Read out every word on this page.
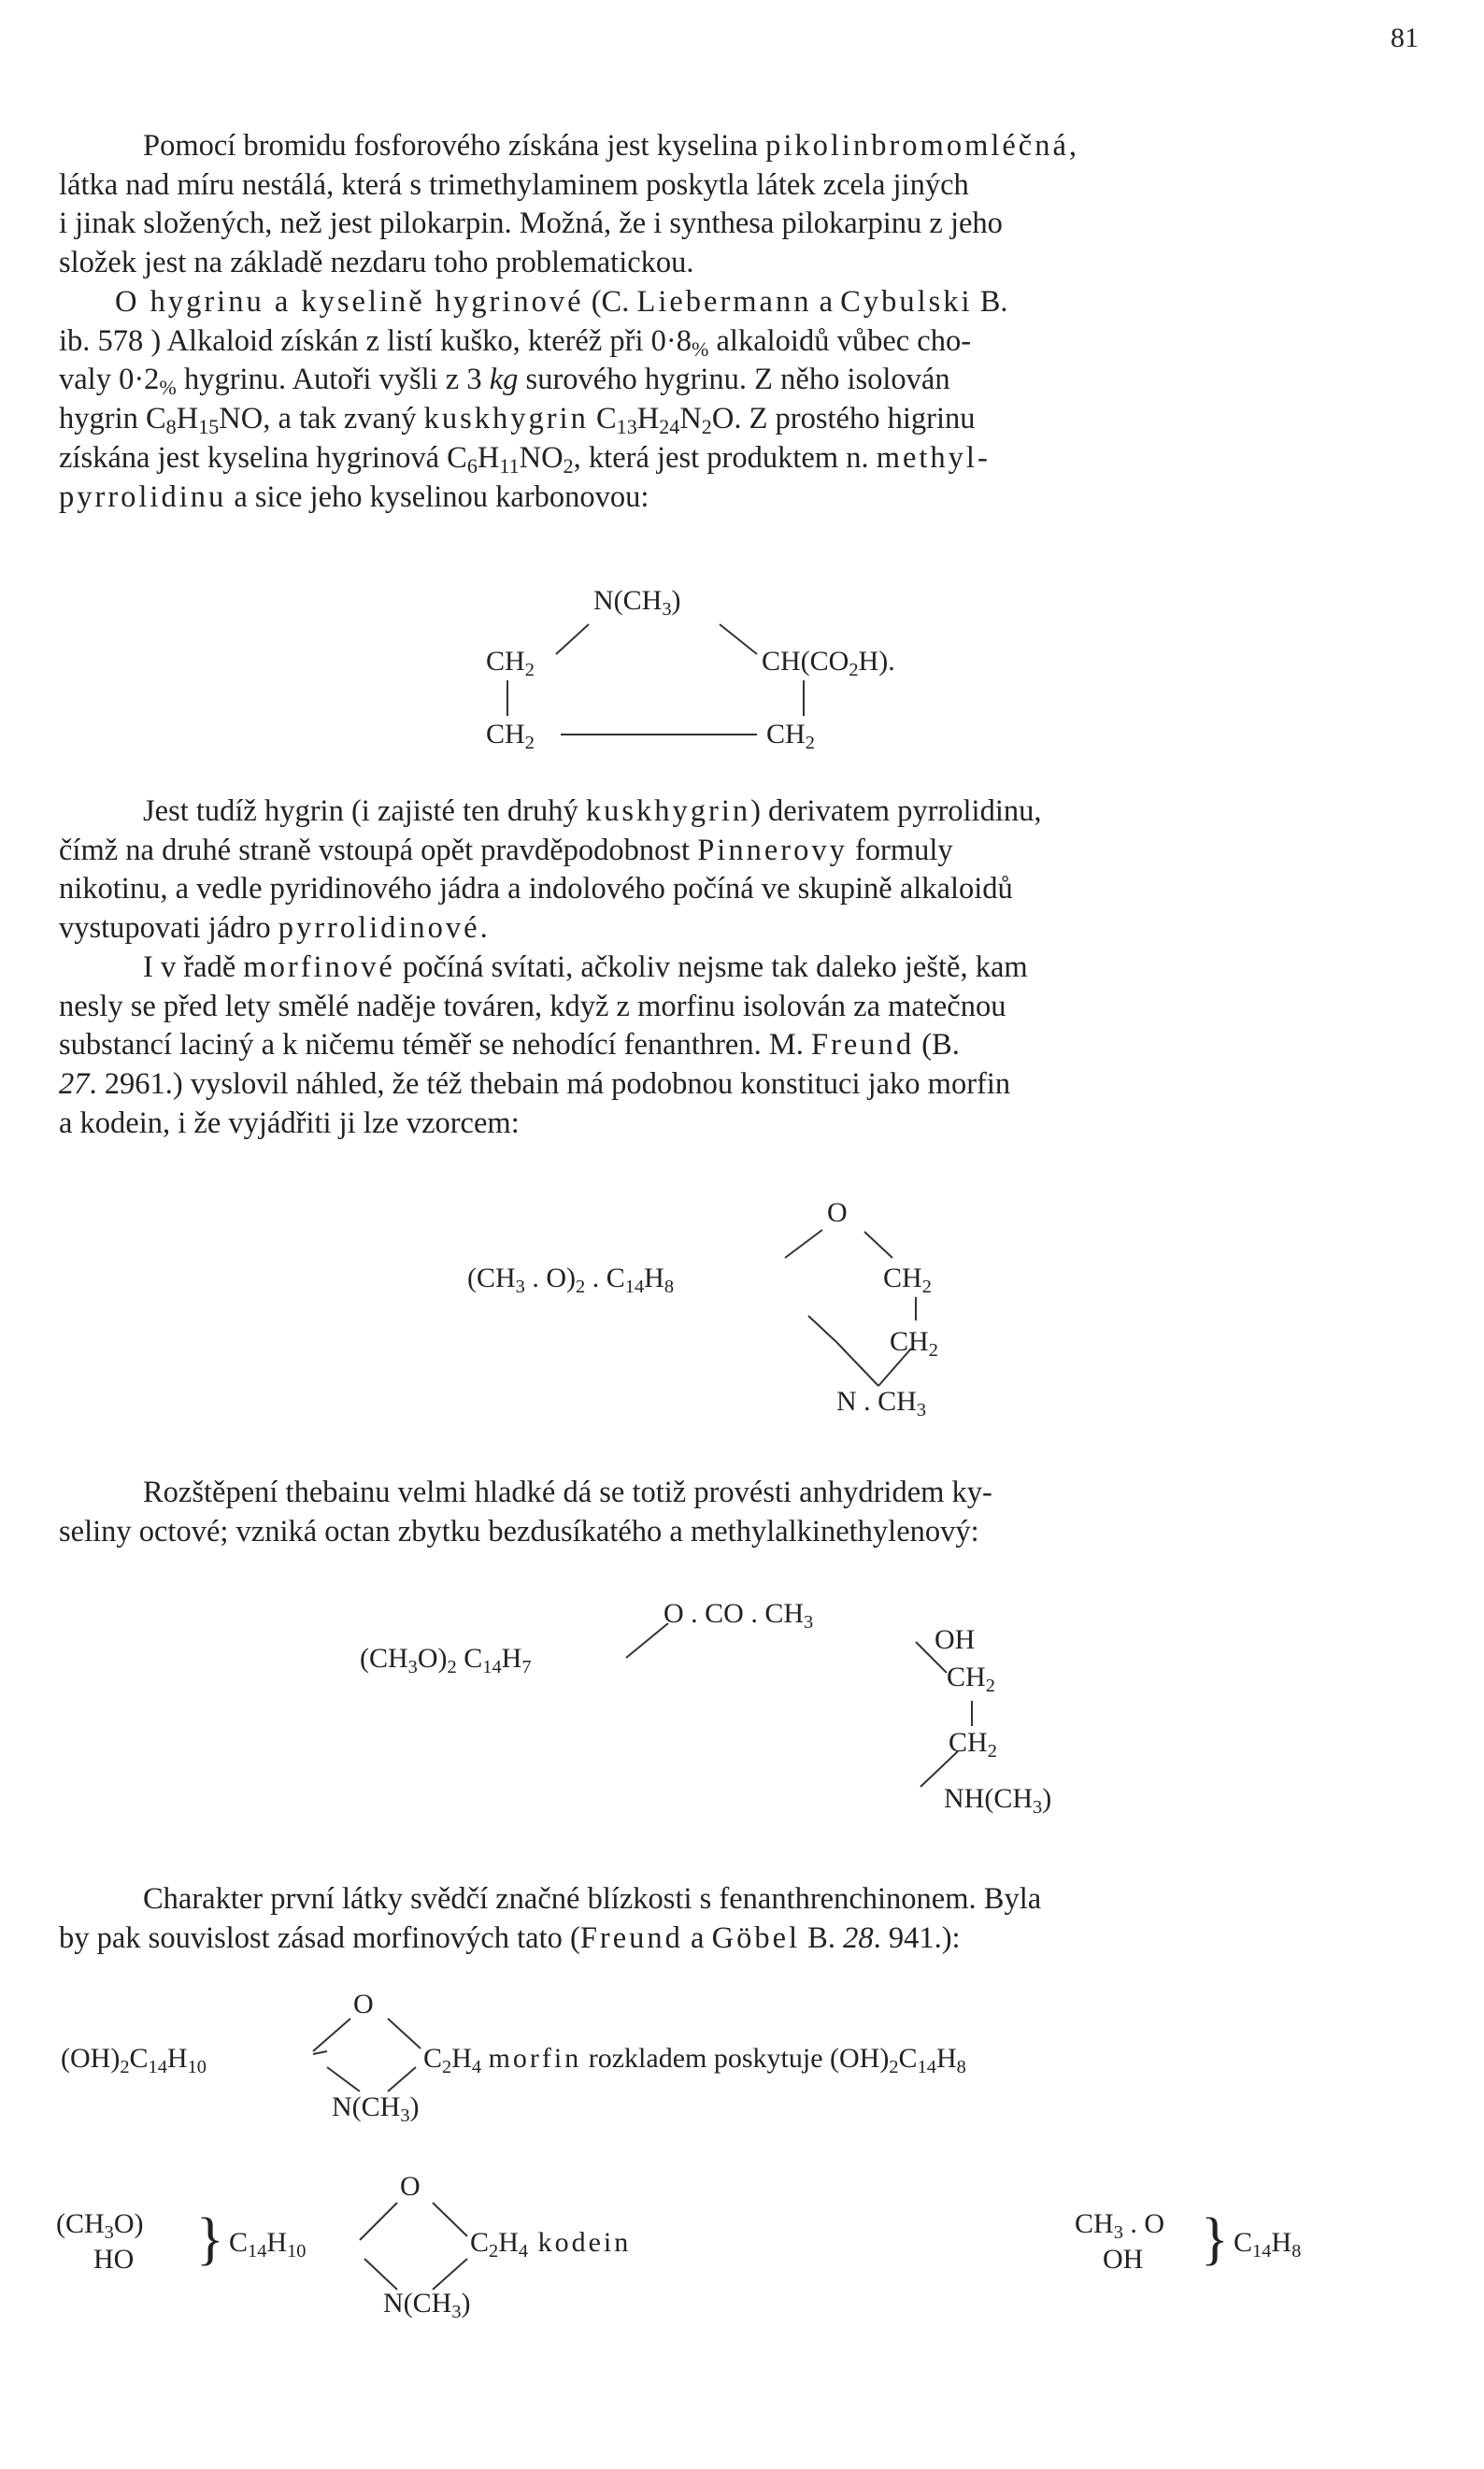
81
Pomocí bromidu fosforového získána jest kyselina pikolinbromomléčná,
látka nad míru nestálá, která s trimethylaminem poskytla látek zcela jiných
i jinak složených, než jest pilokarpin. Možná, že i synthesa pilokarpinu z jeho
složek jest na základě nezdaru toho problematickou.
O hygrinu a kyselině hygrinové (C. Liebermann a Cybulski B.
ib. 578 ) Alkaloid získán z listí kuško, kteréž při $0\cdot 8_{\%}$ alkaloidů vůbec cho-
valy $0\cdot 2_{\%}$ hygrinu. Autoři vyšli z 3 kg surového hygrinu. Z něho isolován
hygrin $C_8H_{15}NO$, a tak zvaný kuskhygrin $C_{13}H_{24}N_2O$. Z prostého higrinu
získána jest kyselina hygrinová $C_6H_{11}NO_2$, která jest produktem n. methyl-
pyrrolidinu a sice jeho kyselinou karbonovou:
$N(CH_3)$
$CH_2$	$CH(CO_2H)$.
$CH_2$	$CH_2$
Jest tudíž hygrin (i zajisté ten druhý kuskhygrin) derivatem pyrrolidinu,
čímž na druhé straně vstoupá opět pravděpodobnost Pinnerovy formuly
nikotinu, a vedle pyridinového jádra a indolového počíná ve skupině alkaloidů
vystupovati jádro pyrrolidinové.
I v řadě morfinové počíná svítati, ačkoliv nejsme tak daleko ještě, kam
nesly se před lety smělé naděje továren, když z morfinu isolován za matečnou
substancí laciný a k ničemu téměř se nehodící fenanthren. M. Freund (B.
27. 2961.) vyslovil náhled, že též thebain má podobnou konstituci jako morfin
a kodein, i že vyjádřiti ji lze vzorcem:
O
($CH_3$ . $O)_2$ . $C_{14}H_8$	$CH_2$
$CH_2$
N . $CH_3$
Rozštěpení thebainu velmi hladké dá se totiž provésti anhydridem ky-
seliny octové; vzniká octan zbytku bezdusíkatého a methylalkinethylenový:
$(CH_3O)_2$ $C_{14}H_7$
O . CO . $CH_3$
OH
$CH_2$
$CH_2$
$NH(CH_3)$
Charakter první látky svědčí značné blízkosti s fenanthrenchinonem. Byla
by pak souvislost zásad morfinových tato (Freund a Göbel B. 28. 941.):
O
$(OH)_2C_{14}H_{10}$	$C_2H_4$ morfin rozkladem poskytuje $(OH)_2C_{14}H_8$
$N(CH_3)$
O
$(CH_3O)$
HO } $C_{14}H_{10}$	$C_2H_4$ kodein
$N(CH_3)$
$CH_3$ . O
OH } $C_{14}H_8$
